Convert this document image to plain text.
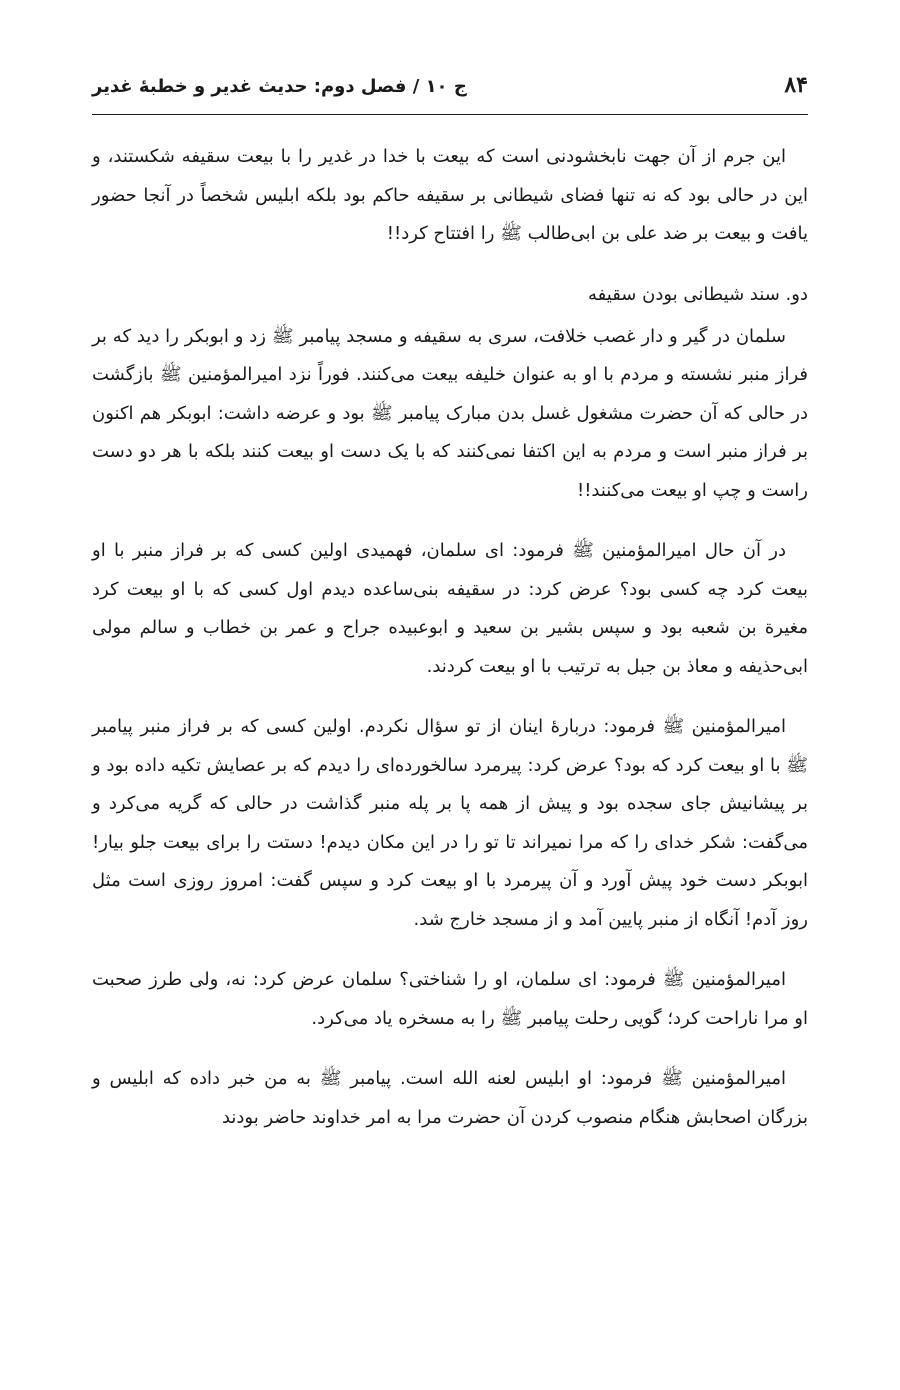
۸۴
ج ۱۰ / فصل دوم: حدیث غدیر و خطبۀ غدیر

این جرم از آن جهت نابخشودنی است که بیعت با خدا در غدیر را با بیعت سقیفه شکستند، و این در حالی بود که نه تنها فضای شیطانی بر سقیفه حاکم بود بلکه ابلیس شخصاً در آنجا حضور یافت و بیعت بر ضد علی بن ابی‌طالب ﷺ را افتتاح کرد!!

دو. سند شیطانی بودن سقیفه

سلمان در گیر و دار غصب خلافت، سری به سقیفه و مسجد پیامبر ﷺ زد و ابوبکر را دید که بر فراز منبر نشسته و مردم با او به عنوان خلیفه بیعت می‌کنند. فوراً نزد امیرالمؤمنین ﷺ بازگشت در حالی که آن حضرت مشغول غسل بدن مبارک پیامبر ﷺ بود و عرضه داشت: ابوبکر هم اکنون بر فراز منبر است و مردم به این اکتفا نمی‌کنند که با یک دست او بیعت کنند بلکه با هر دو دست راست و چپ او بیعت می‌کنند!!

در آن حال امیرالمؤمنین ﷺ فرمود: ای سلمان، فهمیدی اولین کسی که بر فراز منبر با او بیعت کرد چه کسی بود؟ عرض کرد: در سقیفه بنی‌ساعده دیدم اول کسی که با او بیعت کرد مغیرة بن شعبه بود و سپس بشیر بن سعید و ابوعبیده جراح و عمر بن خطاب و سالم مولی ابی‌حذیفه و معاذ بن جبل به ترتیب با او بیعت کردند.

امیرالمؤمنین ﷺ فرمود: دربارۀ اینان از تو سؤال نکردم. اولین کسی که بر فراز منبر پیامبر ﷺ با او بیعت کرد که بود؟ عرض کرد: پیرمرد سالخورده‌ای را دیدم که بر عصایش تکیه داده بود و بر پیشانیش جای سجده بود و پیش از همه پا بر پله منبر گذاشت در حالی که گریه می‌کرد و می‌گفت: شکر خدای را که مرا نمیراند تا تو را در این مکان دیدم! دستت را برای بیعت جلو بیار! ابوبکر دست خود پیش آورد و آن پیرمرد با او بیعت کرد و سپس گفت: امروز روزی است مثل روز آدم! آنگاه از منبر پایین آمد و از مسجد خارج شد.

امیرالمؤمنین ﷺ فرمود: ای سلمان، او را شناختی؟ سلمان عرض کرد: نه، ولی طرز صحبت او مرا ناراحت کرد؛ گویی رحلت پیامبر ﷺ را به مسخره یاد می‌کرد.

امیرالمؤمنین ﷺ فرمود: او ابلیس لعنه الله است. پیامبر ﷺ به من خبر داده که ابلیس و بزرگان اصحابش هنگام منصوب کردن آن حضرت مرا به امر خداوند حاضر بودند
